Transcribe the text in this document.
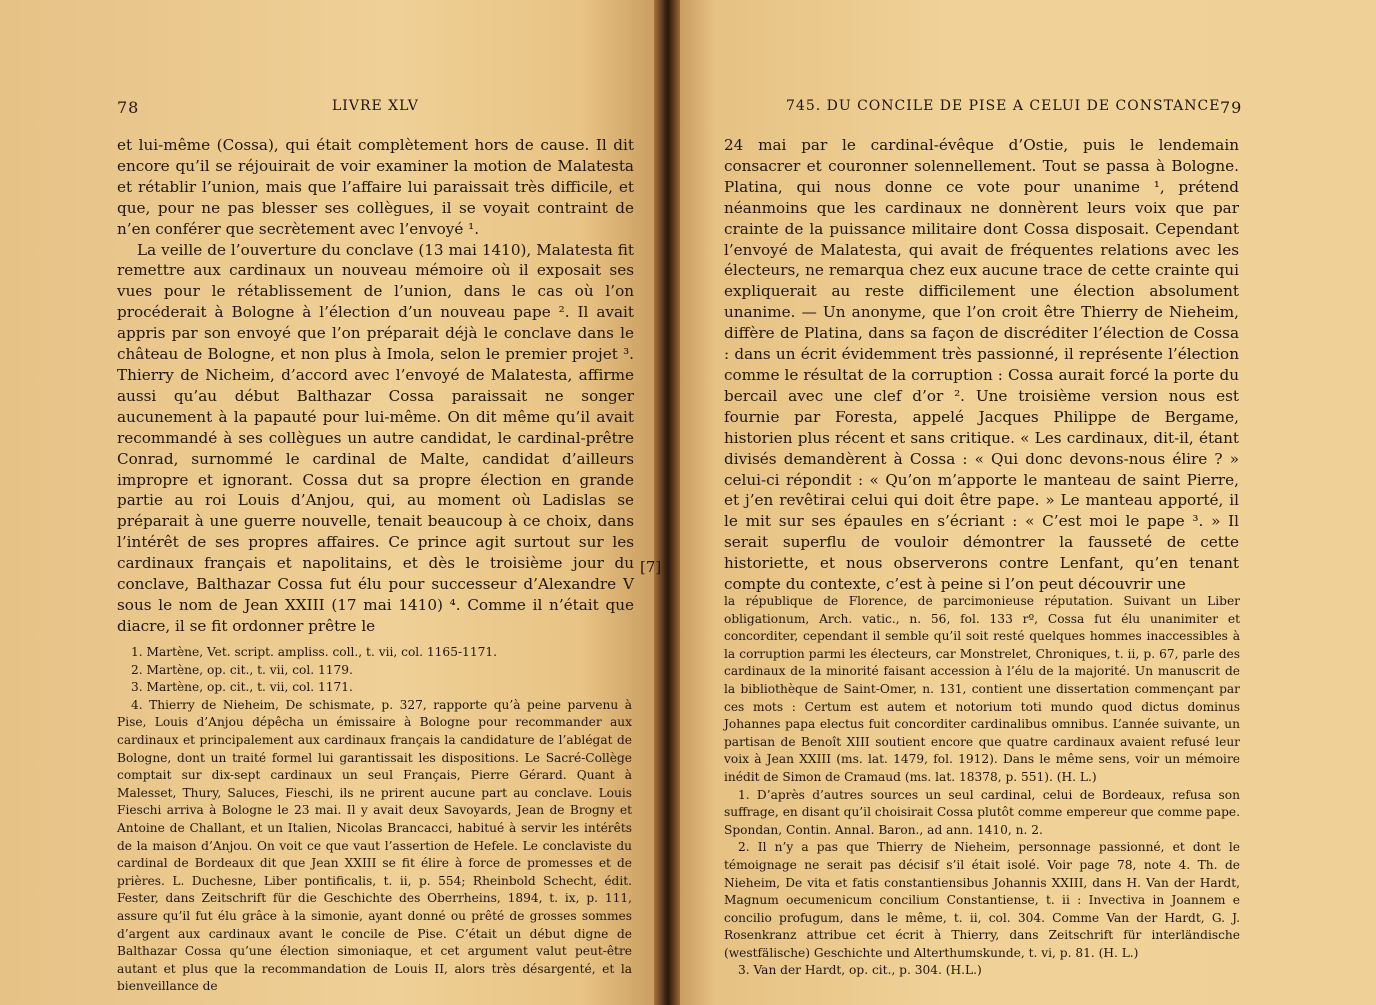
78	LIVRE XLV

et lui-même (Cossa), qui était complètement hors de cause. Il dit encore qu’il se réjouirait de voir examiner la motion de Malatesta et rétablir l’union, mais que l’affaire lui paraissait très difficile, et que, pour ne pas blesser ses collègues, il se voyait contraint de n’en conférer que secrètement avec l’envoyé ¹.

La veille de l’ouverture du conclave (13 mai 1410), Malatesta fit remettre aux cardinaux un nouveau mémoire où il exposait ses vues pour le rétablissement de l’union, dans le cas où l’on procéderait à Bologne à l’élection d’un nouveau pape ². Il avait appris par son envoyé que l’on préparait déjà le conclave dans le château de Bologne, et non plus à Imola, selon le premier projet ³. Thierry de Nicheim, d’accord avec l’envoyé de Malatesta, affirme aussi qu’au début Balthazar Cossa paraissait ne songer aucunement à la papauté pour lui-même. On dit même qu’il avait recommandé à ses collègues un autre candidat, le cardinal-prêtre Conrad, surnommé le cardinal de Malte, candidat d’ailleurs impropre et ignorant. Cossa dut sa propre élection en grande partie au roi Louis d’Anjou, qui, au moment où Ladislas se préparait à une guerre nouvelle, tenait beaucoup à ce choix, dans l’intérêt de ses propres affaires. Ce prince agit surtout sur les cardinaux français et napolitains, et dès le troisième jour du conclave, Balthazar Cossa fut élu pour successeur d’Alexandre V sous le nom de Jean XXIII (17 mai 1410) ⁴. Comme il n’était que diacre, il se fit ordonner prêtre le

1. Martène, Vet. script. ampliss. coll., t. vii, col. 1165-1171.

2. Martène, op. cit., t. vii, col. 1179.

3. Martène, op. cit., t. vii, col. 1171.

4. Thierry de Nieheim, De schismate, p. 327, rapporte qu’à peine parvenu à Pise, Louis d’Anjou dépêcha un émissaire à Bologne pour recommander aux cardinaux et principalement aux cardinaux français la candidature de l’ablégat de Bologne, dont un traité formel lui garantissait les dispositions. Le Sacré-Collège comptait sur dix-sept cardinaux un seul Français, Pierre Gérard. Quant à Malesset, Thury, Saluces, Fieschi, ils ne prirent aucune part au conclave. Louis Fieschi arriva à Bologne le 23 mai. Il y avait deux Savoyards, Jean de Brogny et Antoine de Challant, et un Italien, Nicolas Brancacci, habitué à servir les intérêts de la maison d’Anjou. On voit ce que vaut l’assertion de Hefele. Le conclaviste du cardinal de Bordeaux dit que Jean XXIII se fit élire à force de promesses et de prières. L. Duchesne, Liber pontificalis, t. ii, p. 554; Rheinbold Schecht, édit. Fester, dans Zeitschrift für die Geschichte des Oberrheins, 1894, t. ix, p. 111, assure qu’il fut élu grâce à la simonie, ayant donné ou prêté de grosses sommes d’argent aux cardinaux avant le concile de Pise. C’était un début digne de Balthazar Cossa qu’une élection simoniaque, et cet argument valut peut-être autant et plus que la recommandation de Louis II, alors très désargenté, et la bienveillance de

745. DU CONCILE DE PISE A CELUI DE CONSTANCE 79

24 mai par le cardinal-évêque d’Ostie, puis le lendemain consacrer et couronner solennellement. Tout se passa à Bologne. Platina, qui nous donne ce vote pour unanime ¹, prétend néanmoins que les cardinaux ne donnèrent leurs voix que par crainte de la puissance militaire dont Cossa disposait. Cependant l’envoyé de Malatesta, qui avait de fréquentes relations avec les électeurs, ne remarqua chez eux aucune trace de cette crainte qui expliquerait au reste difficilement une élection absolument unanime. — Un anonyme, que l’on croit être Thierry de Nieheim, diffère de Platina, dans sa façon de discréditer l’élection de Cossa : dans un écrit évidemment très passionné, il représente l’élection comme le résultat de la corruption : Cossa aurait forcé la porte du bercail avec une clef d’or ². Une troisième version nous est fournie par Foresta, appelé Jacques Philippe de Bergame, historien plus récent et sans critique. « Les cardinaux, dit-il, étant divisés demandèrent à Cossa : « Qui donc devons-nous élire ? » celui-ci répondit : « Qu’on m’apporte le manteau de saint Pierre, et j’en revêtirai celui qui doit être pape. » Le manteau apporté, il le mit sur ses épaules en s’écriant : « C’est moi le pape ³. » Il serait superflu de vouloir démontrer la fausseté de cette historiette, et nous observerons contre Lenfant, qu’en tenant compte du contexte, c’est à peine si l’on peut découvrir une

la république de Florence, de parcimonieuse réputation. Suivant un Liber obligationum, Arch. vatic., n. 56, fol. 133 rº, Cossa fut élu unanimiter et concorditer, cependant il semble qu’il soit resté quelques hommes inaccessibles à la corruption parmi les électeurs, car Monstrelet, Chroniques, t. ii, p. 67, parle des cardinaux de la minorité faisant accession à l’élu de la majorité. Un manuscrit de la bibliothèque de Saint-Omer, n. 131, contient une dissertation commençant par ces mots : Certum est autem et notorium toti mundo quod dictus dominus Johannes papa electus fuit concorditer cardinalibus omnibus. L’année suivante, un partisan de Benoît XIII soutient encore que quatre cardinaux avaient refusé leur voix à Jean XXIII (ms. lat. 1479, fol. 1912). Dans le même sens, voir un mémoire inédit de Simon de Cramaud (ms. lat. 18378, p. 551). (H. L.)

1. D’après d’autres sources un seul cardinal, celui de Bordeaux, refusa son suffrage, en disant qu’il choisirait Cossa plutôt comme empereur que comme pape. Spondan, Contin. Annal. Baron., ad ann. 1410, n. 2.

2. Il n’y a pas que Thierry de Nieheim, personnage passionné, et dont le témoignage ne serait pas décisif s’il était isolé. Voir page 78, note 4. Th. de Nieheim, De vita et fatis constantiensibus Johannis XXIII, dans H. Van der Hardt, Magnum oecumenicum concilium Constantiense, t. ii : Invectiva in Joannem e concilio profugum, dans le même, t. ii, col. 304. Comme Van der Hardt, G. J. Rosenkranz attribue cet écrit à Thierry, dans Zeitschrift für interländische (westfälische) Geschichte und Alterthumskunde, t. vi, p. 81. (H. L.)

3. Van der Hardt, op. cit., p. 304. (H.L.)

[7]
